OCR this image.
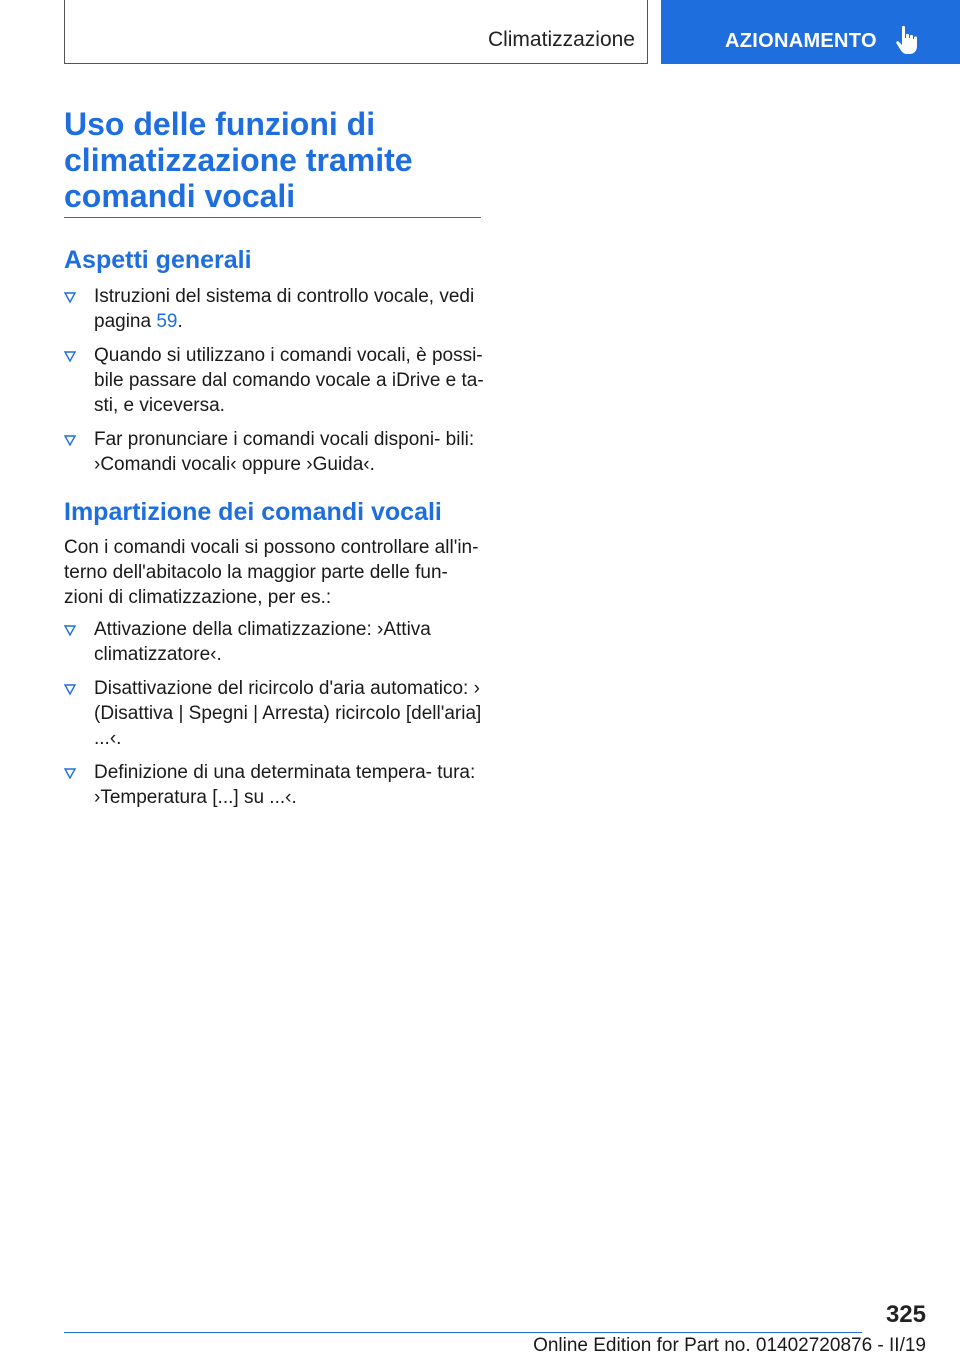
Climatizzazione	AZIONAMENTO
Uso delle funzioni di
climatizzazione tramite
comandi vocali
Aspetti generali
Istruzioni del sistema di controllo vocale, vedi pagina 59.
Quando si utilizzano i comandi vocali, è possi- bile passare dal comando vocale a iDrive e ta- sti, e viceversa.
Far pronunciare i comandi vocali disponi- bili: ›Comandi vocali‹ oppure ›Guida‹.
Impartizione dei comandi vocali

Con i comandi vocali si possono controllare all'in- terno dell'abitacolo la maggior parte delle fun- zioni di climatizzazione, per es.:

Attivazione della climatizzazione: ›Attiva climatizzatore‹.
Disattivazione del ricircolo d'aria automatico: › (Disattiva | Spegni | Arresta) ricircolo [dell'aria] ...‹.
Definizione di una determinata tempera- tura: ›Temperatura [...] su ...‹.
325
Online Edition for Part no. 01402720876 - II/19
